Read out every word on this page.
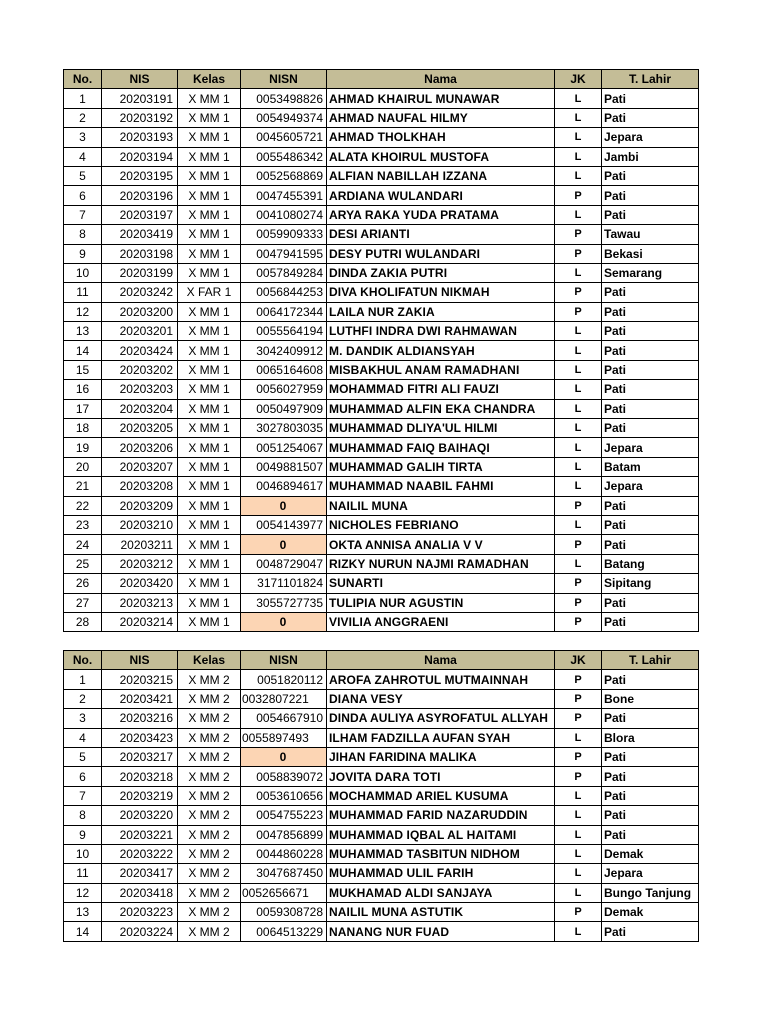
No.	NIS	Kelas	NISN	Nama	JK	T. Lahir
1	20203191	X MM 1	0053498826	AHMAD KHAIRUL MUNAWAR	L	Pati
2	20203192	X MM 1	0054949374	AHMAD NAUFAL HILMY	L	Pati
3	20203193	X MM 1	0045605721	AHMAD THOLKHAH	L	Jepara
4	20203194	X MM 1	0055486342	ALATA KHOIRUL MUSTOFA	L	Jambi
5	20203195	X MM 1	0052568869	ALFIAN NABILLAH IZZANA	L	Pati
6	20203196	X MM 1	0047455391	ARDIANA WULANDARI	P	Pati
7	20203197	X MM 1	0041080274	ARYA RAKA YUDA PRATAMA	L	Pati
8	20203419	X MM 1	0059909333	DESI ARIANTI	P	Tawau
9	20203198	X MM 1	0047941595	DESY PUTRI WULANDARI	P	Bekasi
10	20203199	X MM 1	0057849284	DINDA ZAKIA PUTRI	L	Semarang
11	20203242	X FAR 1	0056844253	DIVA KHOLIFATUN NIKMAH	P	Pati
12	20203200	X MM 1	0064172344	LAILA NUR ZAKIA	P	Pati
13	20203201	X MM 1	0055564194	LUTHFI INDRA DWI RAHMAWAN	L	Pati
14	20203424	X MM 1	3042409912	M. DANDIK ALDIANSYAH	L	Pati
15	20203202	X MM 1	0065164608	MISBAKHUL ANAM RAMADHANI	L	Pati
16	20203203	X MM 1	0056027959	MOHAMMAD FITRI ALI FAUZI	L	Pati
17	20203204	X MM 1	0050497909	MUHAMMAD ALFIN EKA CHANDRA	L	Pati
18	20203205	X MM 1	3027803035	MUHAMMAD DLIYA'UL HILMI	L	Pati
19	20203206	X MM 1	0051254067	MUHAMMAD FAIQ BAIHAQI	L	Jepara
20	20203207	X MM 1	0049881507	MUHAMMAD GALIH TIRTA	L	Batam
21	20203208	X MM 1	0046894617	MUHAMMAD NAABIL FAHMI	L	Jepara
22	20203209	X MM 1	0	NAILIL MUNA	P	Pati
23	20203210	X MM 1	0054143977	NICHOLES FEBRIANO	L	Pati
24	20203211	X MM 1	0	OKTA ANNISA ANALIA V V	P	Pati
25	20203212	X MM 1	0048729047	RIZKY NURUN NAJMI RAMADHAN	L	Batang
26	20203420	X MM 1	3171101824	SUNARTI	P	Sipitang
27	20203213	X MM 1	3055727735	TULIPIA NUR AGUSTIN	P	Pati
28	20203214	X MM 1	0	VIVILIA ANGGRAENI	P	Pati
No.	NIS	Kelas	NISN	Nama	JK	T. Lahir
1	20203215	X MM 2	0051820112	AROFA ZAHROTUL MUTMAINNAH	P	Pati
2	20203421	X MM 2	0032807221	DIANA VESY	P	Bone
3	20203216	X MM 2	0054667910	DINDA AULIYA ASYROFATUL ALLYAH	P	Pati
4	20203423	X MM 2	0055897493	ILHAM FADZILLA AUFAN SYAH	L	Blora
5	20203217	X MM 2	0	JIHAN FARIDINA MALIKA	P	Pati
6	20203218	X MM 2	0058839072	JOVITA DARA TOTI	P	Pati
7	20203219	X MM 2	0053610656	MOCHAMMAD ARIEL KUSUMA	L	Pati
8	20203220	X MM 2	0054755223	MUHAMMAD FARID NAZARUDDIN	L	Pati
9	20203221	X MM 2	0047856899	MUHAMMAD IQBAL AL HAITAMI	L	Pati
10	20203222	X MM 2	0044860228	MUHAMMAD TASBITUN NIDHOM	L	Demak
11	20203417	X MM 2	3047687450	MUHAMMAD ULIL FARIH	L	Jepara
12	20203418	X MM 2	0052656671	MUKHAMAD ALDI SANJAYA	L	Bungo Tanjung
13	20203223	X MM 2	0059308728	NAILIL MUNA ASTUTIK	P	Demak
14	20203224	X MM 2	0064513229	NANANG NUR FUAD	L	Pati
